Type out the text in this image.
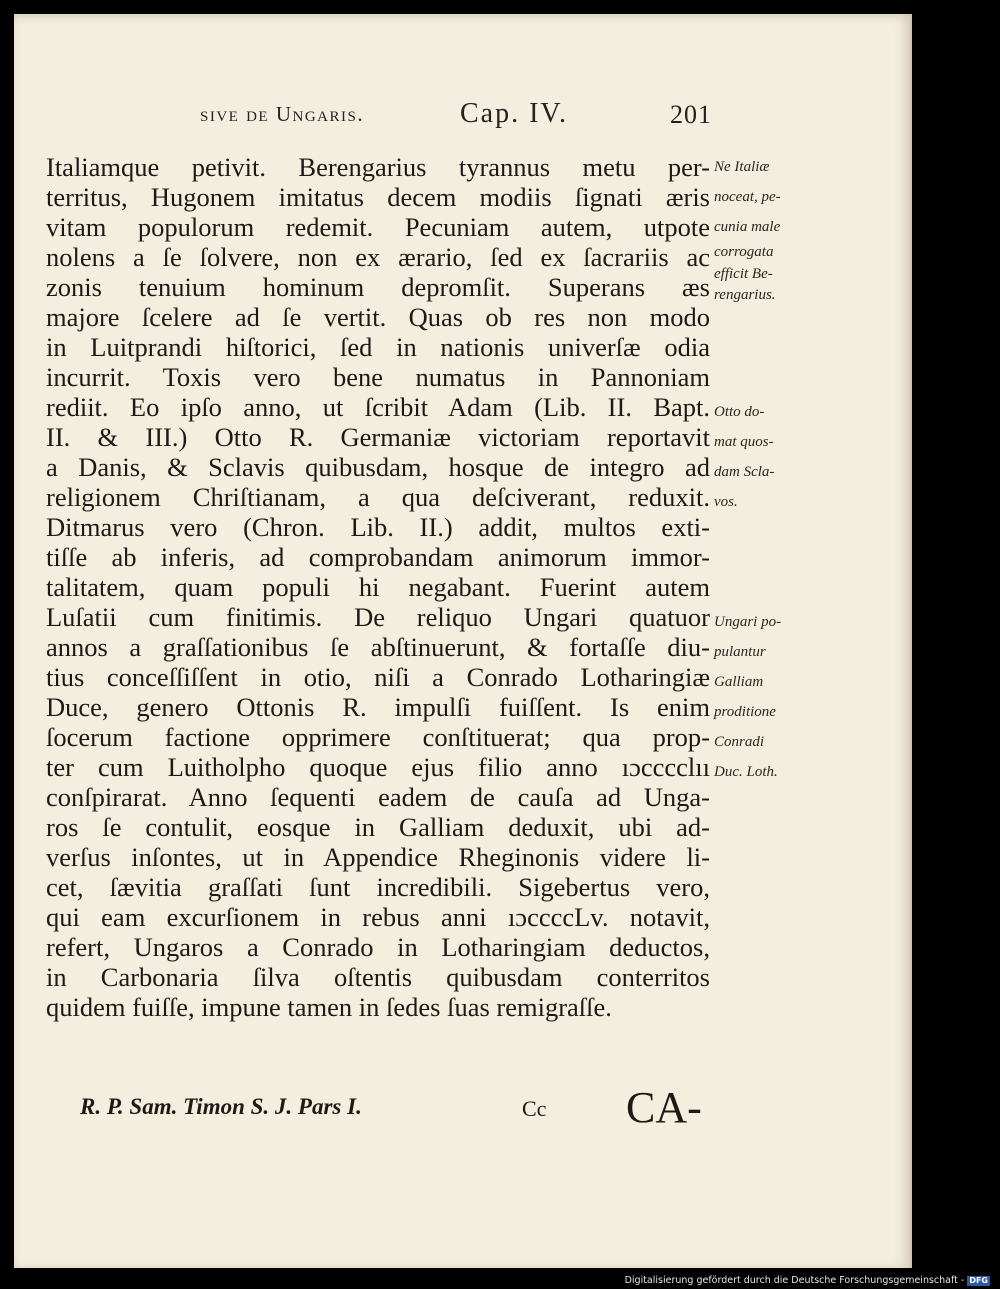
sive de Ungaris.	Cap. IV.	201
Italiamque petivit. Berengarius tyrannus metu per-
territus, Hugonem imitatus decem modiis ſignati æris
vitam populorum redemit. Pecuniam autem, utpote
nolens a ſe ſolvere, non ex ærario, ſed ex ſacrariis ac
zonis tenuium hominum depromſit. Superans æs
majore ſcelere ad ſe vertit. Quas ob res non modo
in Luitprandi hiſtorici, ſed in nationis univerſæ odia
incurrit. Toxis vero bene numatus in Pannoniam
rediit. Eo ipſo anno, ut ſcribit Adam (Lib. II. Bapt.
II. & III.) Otto R. Germaniæ victoriam reportavit
a Danis, & Sclavis quibusdam, hosque de integro ad
religionem Chriſtianam, a qua deſciverant, reduxit.
Ditmarus vero (Chron. Lib. II.) addit, multos exti-
tiſſe ab inferis, ad comprobandam animorum immor-
talitatem, quam populi hi negabant. Fuerint autem
Luſatii cum finitimis. De reliquo Ungari quatuor
annos a graſſationibus ſe abſtinuerunt, & fortaſſe diu-
tius conceſſiſſent in otio, niſi a Conrado Lotharingiæ
Duce, genero Ottonis R. impulſi fuiſſent. Is enim
ſocerum factione opprimere conſtituerat; qua prop-
ter cum Luitholpho quoque ejus filio anno ıɔcccclıı
conſpirarat. Anno ſequenti eadem de cauſa ad Unga-
ros ſe contulit, eosque in Galliam deduxit, ubi ad-
verſus inſontes, ut in Appendice Rheginonis videre li-
cet, ſævitia graſſati ſunt incredibili. Sigebertus vero,
qui eam excurſionem in rebus anni ıɔccccLv. notavit,
refert, Ungaros a Conrado in Lotharingiam deductos,
in Carbonaria ſilva oſtentis quibusdam conterritos
quidem fuiſſe, impune tamen in ſedes ſuas remigraſſe.
Ne Italiæ
noceat, pe-
cunia male
corrogata
efficit Be-
rengarius.
Otto do-
mat quos-
dam Scla-
vos.
Ungari po-
pulantur
Galliam
proditione
Conradi
Duc. Loth.
R. P. Sam. Timon S. J. Pars I.	Cc CA-
Digitalisierung gefördert durch die Deutsche Forschungsgemeinschaft - DFG
